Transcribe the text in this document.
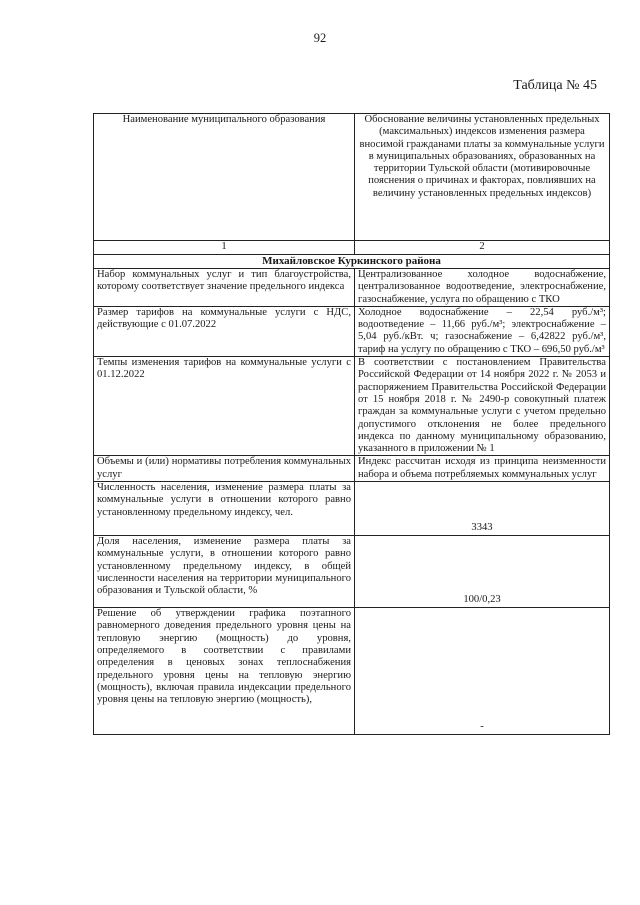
92
Таблица № 45
Наименование муниципального образования	Обоснование величины установленных предельных (максимальных) индексов изменения размера вносимой гражданами платы за коммунальные услуги в муниципальных образованиях, образованных на территории Тульской области (мотивировочные пояснения о причинах и факторах, повлиявших на величину установленных предельных индексов)
1	2
Михайловское Куркинского района	
Набор коммунальных услуг и тип благоустройства, которому соответствует значение предельного индекса	Централизованное холодное водоснабжение, централизованное водоотведение, электроснабжение, газоснабжение, услуга по обращению с ТКО
Размер тарифов на коммунальные услуги с НДС, действующие с 01.07.2022	Холодное водоснабжение – 22,54 руб./м³; водоотведение – 11,66 руб./м³; электроснабжение – 5,04 руб./кВт. ч; газоснабжение – 6,42822 руб./м³, тариф на услугу по обращению с ТКО – 696,50 руб./м³
Темпы изменения тарифов на коммунальные услуги с 01.12.2022	В соответствии с постановлением Правительства Российской Федерации от 14 ноября 2022 г. № 2053 и распоряжением Правительства Российской Федерации от 15 ноября 2018 г. № 2490-р совокупный платеж граждан за коммунальные услуги с учетом предельно допустимого отклонения не более предельного индекса по данному муниципальному образованию, указанного в приложении № 1
Объемы и (или) нормативы потребления коммунальных услуг	Индекс рассчитан исходя из принципа неизменности набора и объема потребляемых коммунальных услуг
Численность населения, изменение размера платы за коммунальные услуги в отношении которого равно установленному предельному индексу, чел.	3343
Доля населения, изменение размера платы за коммунальные услуги, в отношении которого равно установленному предельному индексу, в общей численности населения на территории муниципального образования и Тульской области, %	100/0,23
Решение об утверждении графика поэтапного равномерного доведения предельного уровня цены на тепловую энергию (мощность) до уровня, определяемого в соответствии с правилами определения в ценовых зонах теплоснабжения предельного уровня цены на тепловую энергию (мощность), включая правила индексации предельного уровня цены на тепловую энергию (мощность),	-
